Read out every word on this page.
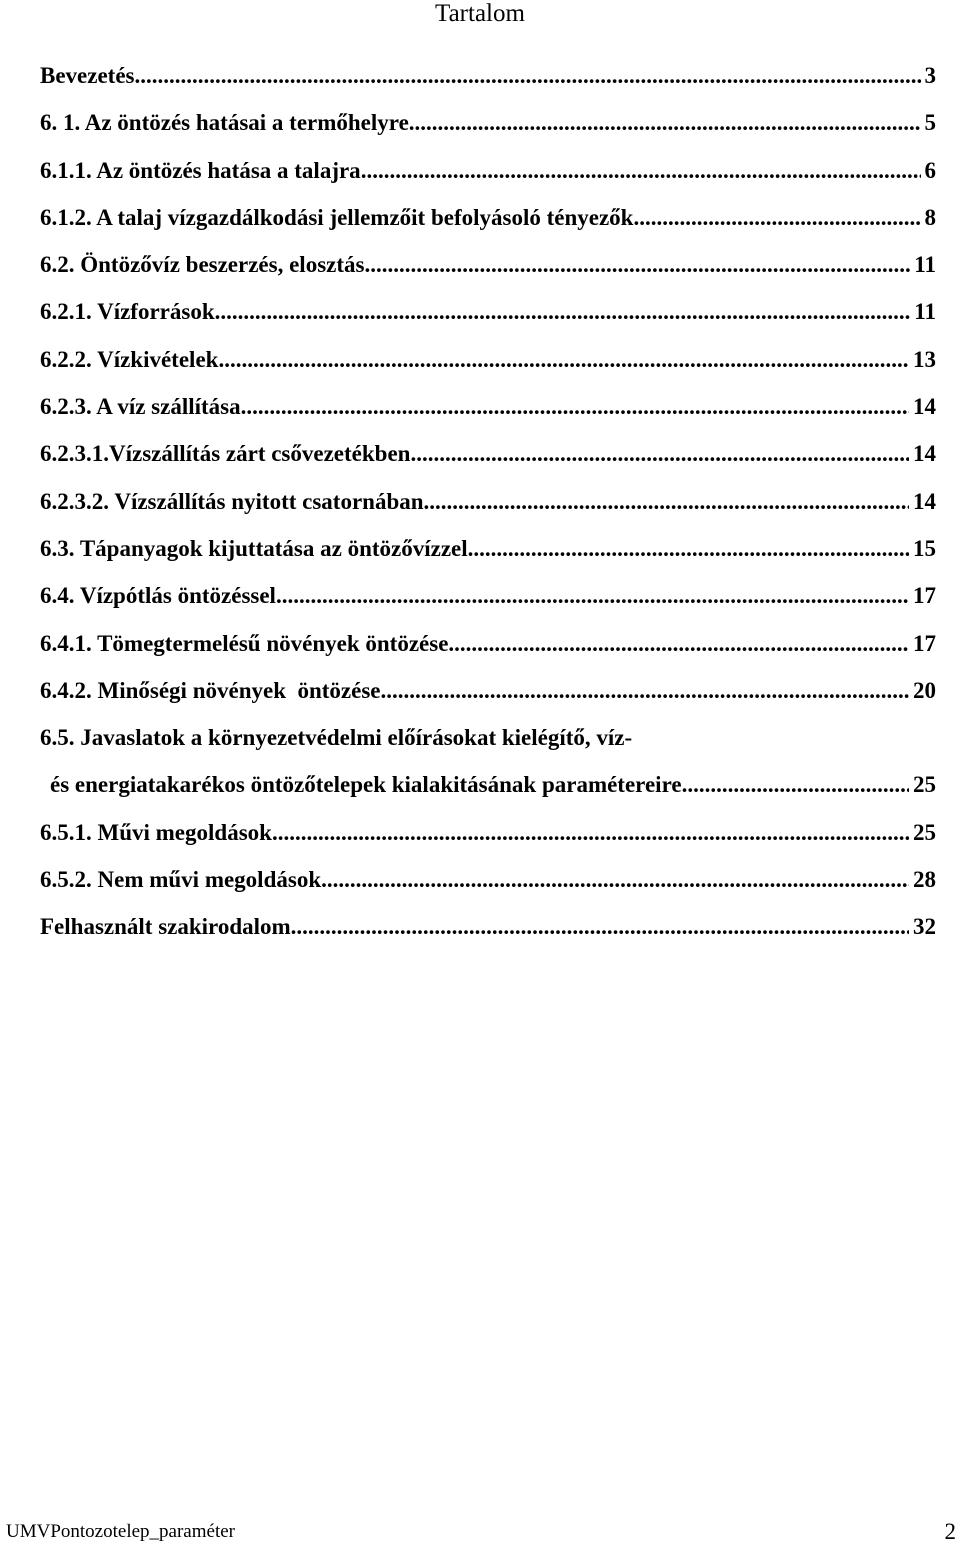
Tartalom
Bevezetés .....	3
6. 1. Az öntözés hatásai a termőhelyre .....	5
6.1.1. Az öntözés hatása a talajra .....	6
6.1.2. A talaj vízgazdálkodási jellemzőit befolyásoló tényezők .....	8
6.2. Öntözővíz beszerzés, elosztás .....	11
6.2.1. Vízforrások .....	11
6.2.2. Vízkivételek .....	13
6.2.3. A víz szállítása .....	14
6.2.3.1.Vízszállítás zárt csővezetékben .....	14
6.2.3.2. Vízszállítás nyitott csatornában .....	14
6.3. Tápanyagok kijuttatása az öntözővízzel .....	15
6.4. Vízpótlás öntözéssel .....	17
6.4.1. Tömegtermelésű növények öntözése .....	17
6.4.2. Minőségi növények  öntözése .....	20
6.5. Javaslatok a környezetvédelmi előírásokat kielégítő, víz-
és energiatakarékos öntözőtelepek kialakitásának paramétereire .....	25
6.5.1. Művi megoldások .....	25
6.5.2. Nem művi megoldások .....	28
Felhasznált szakirodalom .....	32
UMVPontozotelep_paraméter	2
